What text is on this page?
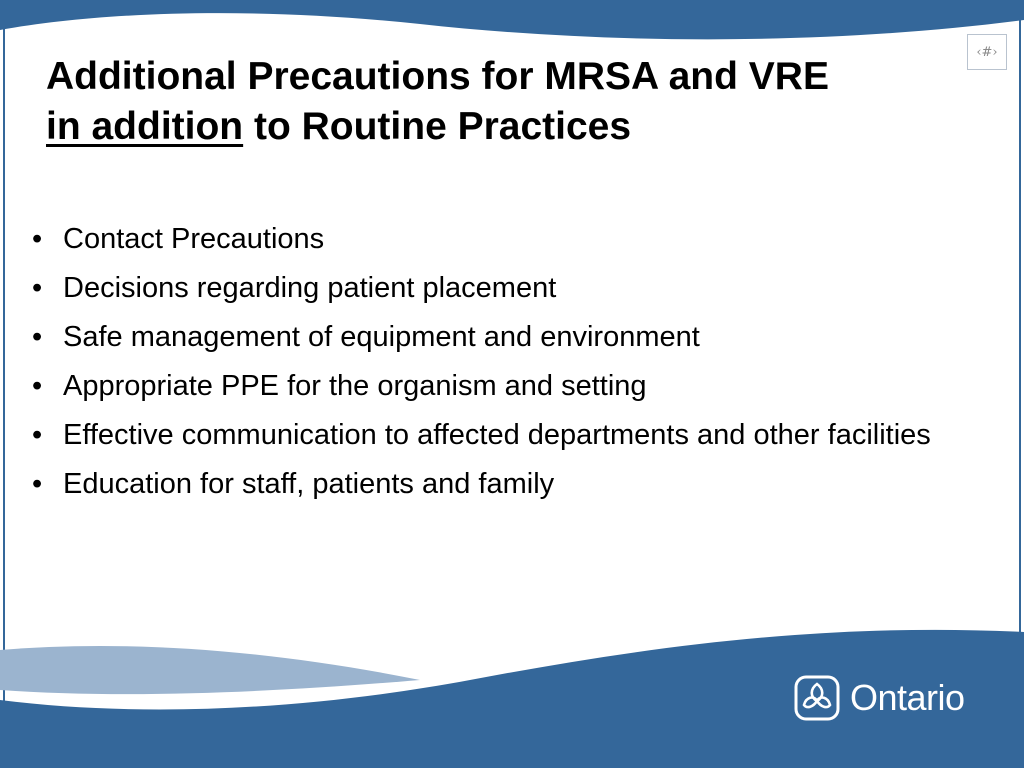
‹#›
Additional Precautions for MRSA and VRE
in addition to Routine Practices
• Contact Precautions
• Decisions regarding patient placement
• Safe management of equipment and environment
• Appropriate PPE for the organism and setting
• Effective communication to affected departments and other facilities
• Education for staff, patients and family
Ontario
